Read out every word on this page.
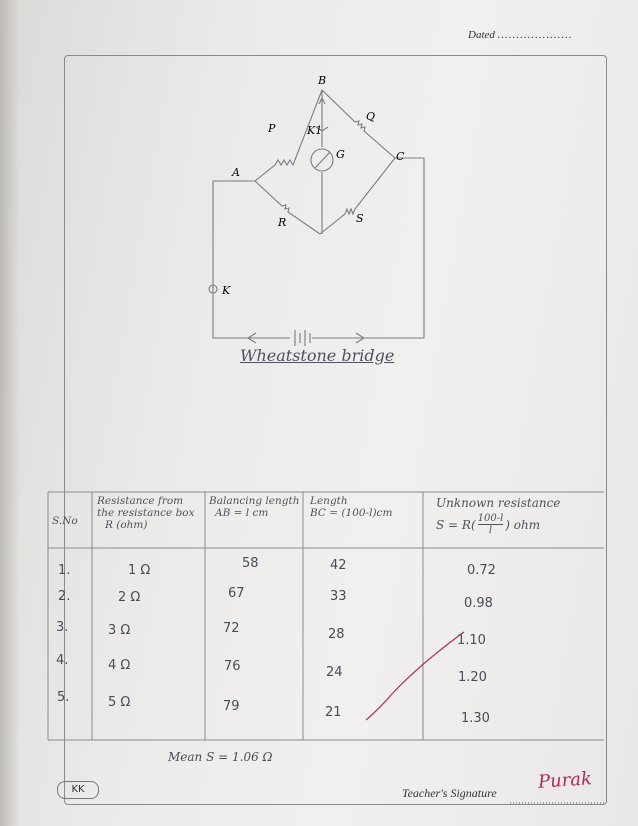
Dated ....................
B
P
Q
K1
G
A
C
R	S
K
Wheatstone bridge
S.No
Resistance from
the resistance box
R (ohm)
Balancing length
AB = l cm
Length
BC = (100-l)cm
Unknown resistance
$S = R( \frac{100-l}{l}$ ) ohm
1.	1 Ω	58	42	0.72
2.	2 Ω	67	33	0.98
3.	3 Ω	72	28	1.10
4.	4 Ω	76	24	1.20
5.	5 Ω	79	21	1.30
Mean S = 1.06 Ω
KK	Teacher's Signature
Purak
